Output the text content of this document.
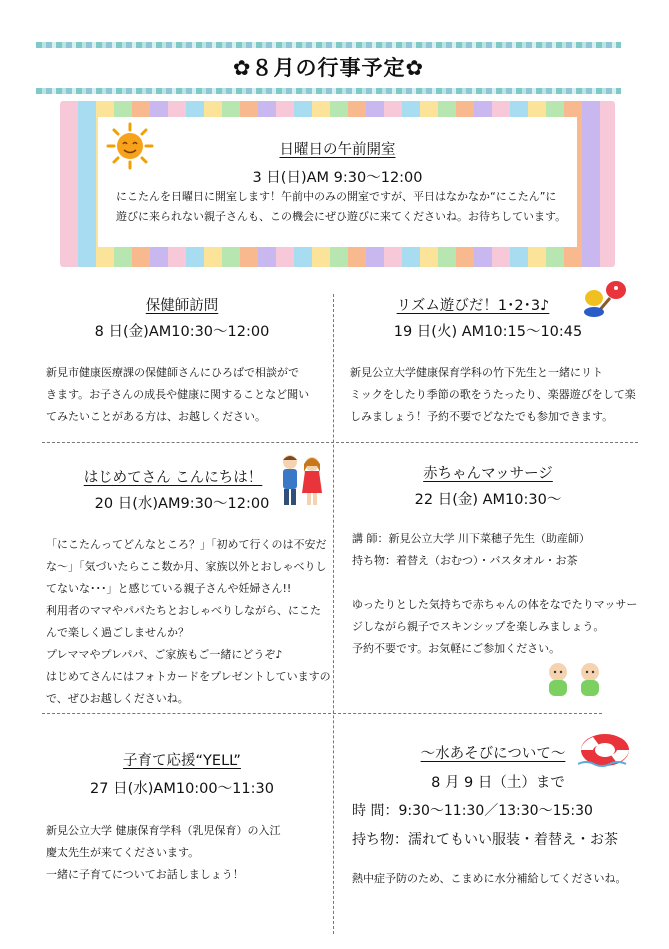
✿８月の行事予定✿
日曜日の午前開室
3 日(日)AM 9:30～12:00
にこたんを日曜日に開室します！午前中のみの開室ですが、平日はなかなか“にこたん”に
遊びに来られない親子さんも、この機会にぜひ遊びに来てくださいね。お待ちしています。
保健師訪問
8 日(金)AM10:30～12:00
新見市健康医療課の保健師さんにひろばで相談がで
きます。お子さんの成長や健康に関することなど聞い
てみたいことがある方は、お越しください。
リズム遊びだ！1･2･3♪
19 日(火) AM10:15～10:45
新見公立大学健康保育学科の竹下先生と一緒にリト
ミックをしたり季節の歌をうたったり、楽器遊びをして楽
しみましょう！予約不要でどなたでも参加できます。
はじめてさん こんにちは！
20 日(水)AM9:30～12:00
「にこたんってどんなところ？」「初めて行くのは不安だ
な～」「気づいたらここ数か月、家族以外とおしゃべりし
てないな･･･」と感じている親子さんや妊婦さん!!
利用者のママやパパたちとおしゃべりしながら、にこた
んで楽しく過ごしませんか？
プレママやプレパパ、ご家族もご一緒にどうぞ♪
はじめてさんにはフォトカードをプレゼントしていますの
で、ぜひお越しくださいね。
赤ちゃんマッサージ
22 日(金) AM10:30～
講 師：新見公立大学 川下菜穂子先生（助産師）
持ち物：着替え（おむつ）・バスタオル・お茶
ゆったりとした気持ちで赤ちゃんの体をなでたりマッサー
ジしながら親子でスキンシップを楽しみましょう。
予約不要です。お気軽にご参加ください。
子育て応援“YELL”
27 日(水)AM10:00～11:30
新見公立大学 健康保育学科（乳児保育）の入江
慶太先生が来てくださいます。
一緒に子育てについてお話しましょう！
～水あそびについて～
8 月 9 日（土）まで
時 間：9:30～11:30／13:30～15:30
持ち物：濡れてもいい服装・着替え・お茶
熱中症予防のため、こまめに水分補給してくださいね。
